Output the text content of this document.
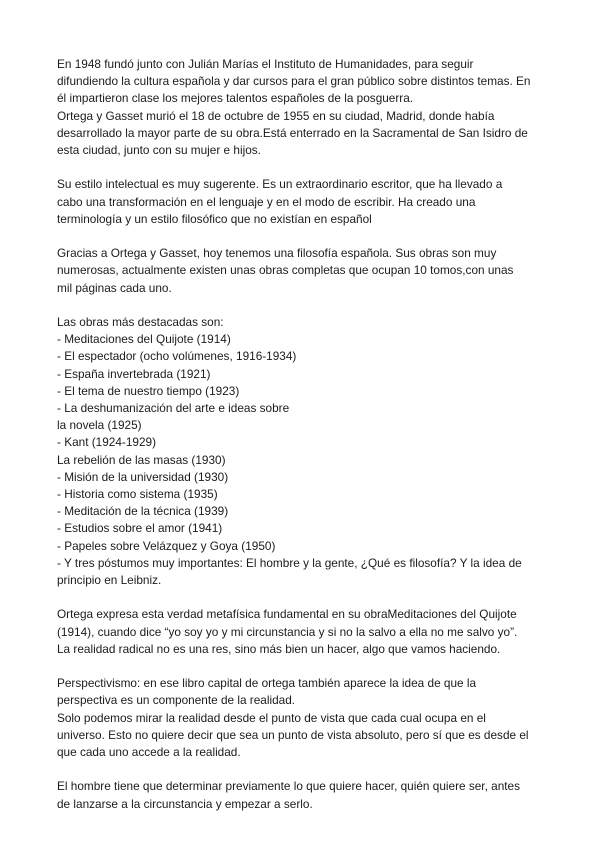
En 1948 fundó junto con Julián Marías el Instituto de Humanidades, para seguir
difundiendo la cultura española y dar cursos para el gran público sobre distintos temas. En
él impartieron clase los mejores talentos españoles de la posguerra.
Ortega y Gasset murió el 18 de octubre de 1955 en su ciudad, Madrid, donde había
desarrollado la mayor parte de su obra.Está enterrado en la Sacramental de San Isidro de
esta ciudad, junto con su mujer e hijos.
Su estilo intelectual es muy sugerente. Es un extraordinario escritor, que ha llevado a
cabo una transformación en el lenguaje y en el modo de escribir. Ha creado una
terminología y un estilo filosófico que no existían en español
Gracias a Ortega y Gasset, hoy tenemos una filosofía española. Sus obras son muy
numerosas, actualmente existen unas obras completas que ocupan 10 tomos,con unas
mil páginas cada uno.
Las obras más destacadas son:
- Meditaciones del Quijote (1914)
- El espectador (ocho volúmenes, 1916-1934)
- España invertebrada (1921)
- El tema de nuestro tiempo (1923)
- La deshumanización del arte e ideas sobre
la novela (1925)
- Kant (1924-1929)
La rebelión de las masas (1930)
- Misión de la universidad (1930)
- Historia como sistema (1935)
- Meditación de la técnica (1939)
- Estudios sobre el amor (1941)
- Papeles sobre Velázquez y Goya (1950)
- Y tres póstumos muy importantes: El hombre y la gente, ¿Qué es filosofía? Y la idea de
principio en Leibniz.
Ortega expresa esta verdad metafísica fundamental en su obraMeditaciones del Quijote
(1914), cuando dice “yo soy yo y mi circunstancia y si no la salvo a ella no me salvo yo”.
La realidad radical no es una res, sino más bien un hacer, algo que vamos haciendo.
Perspectivismo: en ese libro capital de ortega también aparece la idea de que la
perspectiva es un componente de la realidad.
Solo podemos mirar la realidad desde el punto de vista que cada cual ocupa en el
universo. Esto no quiere decir que sea un punto de vista absoluto, pero sí que es desde el
que cada uno accede a la realidad.
El hombre tiene que determinar previamente lo que quiere hacer, quién quiere ser, antes
de lanzarse a la circunstancia y empezar a serlo.
